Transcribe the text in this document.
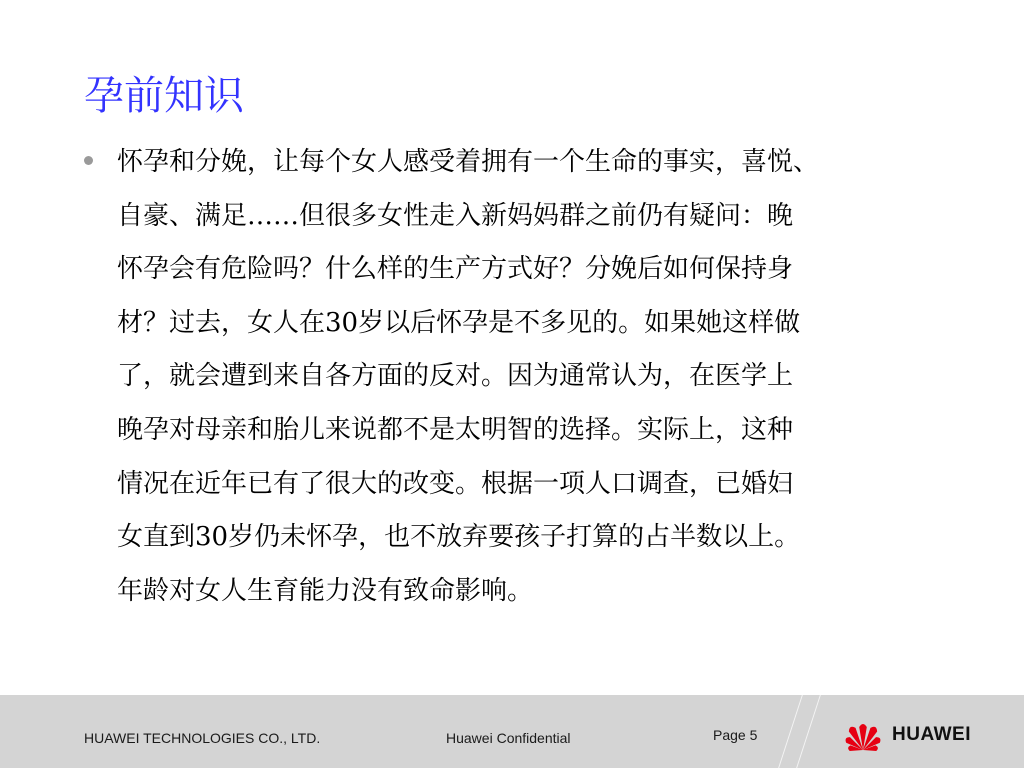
孕前知识

怀孕和分娩，让每个女人感受着拥有一个生命的事实，喜悦、
自豪、满足……但很多女性走入新妈妈群之前仍有疑问：晚
怀孕会有危险吗？什么样的生产方式好？分娩后如何保持身
材？过去，女人在30岁以后怀孕是不多见的。如果她这样做
了，就会遭到来自各方面的反对。因为通常认为，在医学上
晚孕对母亲和胎儿来说都不是太明智的选择。实际上，这种
情况在近年已有了很大的改变。根据一项人口调查，已婚妇
女直到30岁仍未怀孕，也不放弃要孩子打算的占半数以上。
年龄对女人生育能力没有致命影响。

HUAWEI TECHNOLOGIES CO., LTD.	Huawei Confidential	Page 5	HUAWEI
